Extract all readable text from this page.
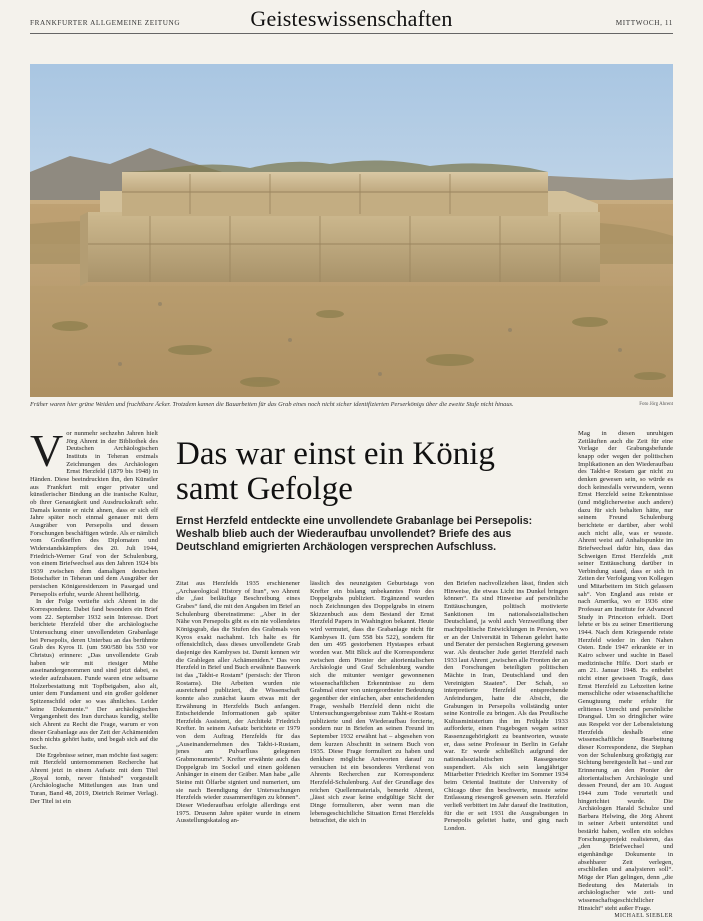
FRANKFURTER ALLGEMEINE ZEITUNG	Geisteswissenschaften	MITTWOCH, 11
Früher waren hier grüne Weiden und fruchtbare Äcker. Trotzdem kamen die Bauarbeiten für das Grab eines noch nicht sicher identifizierten Perserkönigs über die zweite Stufe nicht hinaus.	Foto Jörg Ahrent
Das war einst ein König samt Gefolge
Ernst Herzfeld entdeckte eine unvollendete Grabanlage bei Persepolis: Weshalb blieb auch der Wiederaufbau unvollendet? Briefe des aus Deutschland emigrierten Archäologen versprechen Aufschluss.

Vor nunmehr sechzehn Jahren hielt Jörg Ahrent in der Bibliothek des Deutschen Archäologischen Instituts in Teheran erstmals Zeichnungen des Archäologen Ernst Herzfeld (1879 bis 1948) in Händen. Diese beeindruckten ihn, den Künstler aus Frankfurt mit enger privater und künstlerischer Bindung an die iranische Kultur, ob ihrer Genauigkeit und Ausdruckskraft sehr. Damals konnte er nicht ahnen, dass er sich elf Jahre später noch einmal genauer mit dem Ausgräber von Persepolis und dessen Forschungen beschäftigen würde. Als er nämlich vom Großneffen des Diplomaten und Widerstandskämpfers des 20. Juli 1944, Friedrich-Werner Graf von der Schulenburg, von einem Briefwechsel aus den Jahren 1924 bis 1939 zwischen dem damaligen deutschen Botschafter in Teheran und dem Ausgräber der persischen Königsresidenzen in Pasargad und Persepolis erfuhr, wurde Ahrent hellhörig.

In der Folge vertiefte sich Ahrent in die Korrespondenz. Dabei fand besonders ein Brief vom 22. September 1932 sein Interesse. Dort berichtete Herzfeld über die archäologische Untersuchung einer unvollendeten Grabanlage bei Persepolis, deren Unterbau an das berühmte Grab des Kyros II. (um 590/580 bis 530 vor Christus) erinnere: „Das unvollendete Grab haben wir mit riesiger Mühe auseinandergenommen und sind jetzt dabei, es wieder aufzubauen. Funde waren eine seltsame Holzerbestattung mit Topfbeigaben, also alt, unter dem Fundament und ein großer goldener Spitzenschild oder so was ähnliches. Leider keine Dokumente.“ Der archäologischen Vergangenheit des Iran durchaus kundig, stellte sich Ahrent zu Recht die Frage, warum er von dieser Grabanlage aus der Zeit der Achämeniden noch nichts gehört hatte, und begab sich auf die Suche.

Die Ergebnisse seiner, man möchte fast sagen: mit Herzfeld unternommenen Recherche hat Ahrent jetzt in einem Aufsatz mit dem Titel „Royal tomb, never finished“ vorgestellt (Archäologische Mitteilungen aus Iran und Turan, Band 48, 2019, Dietrich Reimer Verlag). Der Titel ist ein

Zitat aus Herzfelds 1935 erschienener „Archaeological History of Iran“, wo Ahrent die „fast beiläufige Beschreibung eines Grabes“ fand, die mit den Angaben im Brief an Schulenburg übereinstimme: „Aber in der Nähe von Persepolis gibt es ein nie vollendetes Königsgrab, das die Stufen des Grabmals von Kyros exakt nachahmt. Ich halte es für offensichtlich, dass dieses unvollendete Grab dasjenige des Kambyses ist. Damit kennen wir die Grablegen aller Achämeniden.“ Das von Herzfeld in Brief und Buch erwähnte Bauwerk ist das „Takht-e Rostam“ (persisch: der Thron Rostams). Die Arbeiten wurden nie ausreichend publiziert, die Wissenschaft konnte also zunächst kaum etwas mit der Erwähnung in Herzfelds Buch anfangen. Entscheidende Informationen gab später Herzfelds Assistent, der Architekt Friedrich Krefter. In seinem Aufsatz berichtete er 1979 von dem Auftrag Herzfelds für das „Auseinandernehmen des Takht-i-Rustam, jenes am Pulvarfluss gelegenen Grabmonuments“. Krefter erwähnte auch das Doppelgrab im Sockel und einen goldenen Anhänger in einem der Gräber. Man habe „alle Steine mit Ölfarbe signiert und numeriert, um sie nach Beendigung der Untersuchungen Herzfelds wieder zusammenfügen zu können“. Dieser Wiederaufbau erfolgte allerdings erst 1975. Drusenn Jahre später wurde in einem Ausstellungskatalog an-

lässlich des neunzigsten Geburtstags von Krefter ein bislang unbekanntes Foto des Doppelgrabs publiziert. Ergänzend wurden noch Zeichnungen des Doppelgrabs in einem Skizzenbuch aus dem Bestand der Ernst Herzfeld Papers in Washington bekannt. Heute wird vermutet, dass die Grabanlage nicht für Kambyses II. (um 558 bis 522), sondern für den um 495 gestorbenen Hystaspes erbaut worden war. Mit Blick auf die Korrespondenz zwischen dem Pionier der altorientalischen Archäologie und Graf Schulenburg wandte sich die mitunter weniger gewonnenen wissenschaftlichen Erkenntnisse zu dem Grabmal einer von untergeordneter Bedeutung gegenüber der einfachen, aber entscheidenden Frage, weshalb Herzfeld denn nicht die Untersuchungsergebnisse zum Takht-e Rostam publizierte und den Wiederaufbau forcierte, sondern nur in Briefen an seinen Freund im September 1932 erwähnt hat – abgesehen von dem kurzen Abschnitt in seinem Buch von 1935. Diese Frage formuliert zu haben und denkbare mögliche Antworten darauf zu versuchen ist ein besonderes Verdienst von Ahrents Recherchen zur Korrespondenz Herzfeld-Schulenburg. Auf der Grundlage des reichen Quellenmaterials, bemerkt Ahrent, „lässt sich zwar keine endgültige Sicht der Dinge formulieren, aber wenn man die lebensgeschichtliche Situation Ernst Herzfelds betrachtet, die sich in

den Briefen nachvollziehen lässt, finden sich Hinweise, die etwas Licht ins Dunkel bringen können“. Es sind Hinweise auf persönliche Enttäuschungen, politisch motivierte Sanktionen im nationalsozialistischen Deutschland, ja wohl auch Verzweiflung über machtpolitische Entwicklungen in Persien, wo er an der Universität in Teheran gelehrt hatte und Berater der persischen Regierung gewesen war. Als deutscher Jude geriet Herzfeld nach 1933 laut Ahrent „zwischen alle Fronten der an den Forschungen beteiligten politischen Mächte in Iran, Deutschland und den Vereinigten Staaten“. Der Schah, so interpretierte Herzfeld entsprechende Anfeindungen, hatte die Absicht, die Grabungen in Persepolis vollständig unter seine Kontrolle zu bringen. Als das Preußische Kultusministerium ihn im Frühjahr 1933 aufforderte, einen Fragebogen wegen seiner Rassenzugehörigkeit zu beantworten, wusste er, dass seine Professur in Berlin in Gefahr war. Er wurde schließlich aufgrund der nationalsozialistischen Rassegesetze suspendiert. Als sich sein langjähriger Mitarbeiter Friedrich Krefter im Sommer 1934 beim Oriental Institute der University of Chicago über ihn beschwerte, musste seine Entlassung riesengroß gewesen sein. Herzfeld verließ verbittert im Jahr darauf die Institution, für die er seit 1931 die Ausgrabungen in Persepolis geleitet hatte, und ging nach London.

Mag in diesen unruhigen Zeitläuften auch die Zeit für eine Vorlage der Grabungsbefunde knapp oder wegen der politischen Implikationen an den Wiederaufbau des Takht-e Rostam gar nicht zu denken gewesen sein, so würde es doch keinesfalls verwundern, wenn Ernst Herzfeld seine Erkenntnisse (und möglicherweise auch andere) dazu für sich behalten hätte, nur seinem Freund Schulenburg berichtete er darüber, aber wohl auch nicht alle, was er wusste. Ahrent weist auf Anhaltspunkte im Briefwechsel dafür hin, dass das Schweigen Ernst Herzfelds „mit seiner Enttäuschung darüber in Verbindung stand, dass er sich in Zeiten der Verfolgung von Kollegen und Mitarbeitern im Stich gelassen sah“. Von England aus reiste er nach Amerika, wo er 1936 eine Professur am Institute for Advanced Study in Princeton erhielt. Dort lehrte er bis zu seiner Emeritierung 1944. Nach dem Kriegsende reiste Herzfeld wieder in den Nahen Osten. Ende 1947 erkrankte er in Kairo schwer und suchte in Basel medizinische Hilfe. Dort starb er am 21. Januar 1948. Es entbehrt nicht einer gewissen Tragik, dass Ernst Herzfeld zu Lebzeiten keine menschliche oder wissenschaftliche Genugtuung mehr erfuhr für erlittenes Unrecht und persönliche Drangsal. Um so dringlicher wäre aus Respekt vor der Lebensleistung Herzfelds deshalb eine wissenschaftliche Bearbeitung dieser Korrespondenz, die Stephan von der Schulenburg großzügig zur Sichtung bereitgestellt hat – und zur Erinnerung an den Pionier der altorientalischen Archäologie und dessen Freund, der am 10. August 1944 zum Tode verurteilt und hingerichtet wurde. Die Archäologen Harald Schulze und Barbara Helwing, die Jörg Ahrent in seiner Arbeit unterstützt und bestärkt haben, wollen ein solches Forschungsprojekt realisieren, das „den Briefwechsel und eigenhändige Dokumente in absehbarer Zeit verlegen, erschließen und analysieren soll“. Möge der Plan gelingen, denn „die Bedeutung des Materials in archäologischer wie zeit- und wissenschaftsgeschichtlicher Hinsicht“ steht außer Frage.

MICHAEL SIEBLER
